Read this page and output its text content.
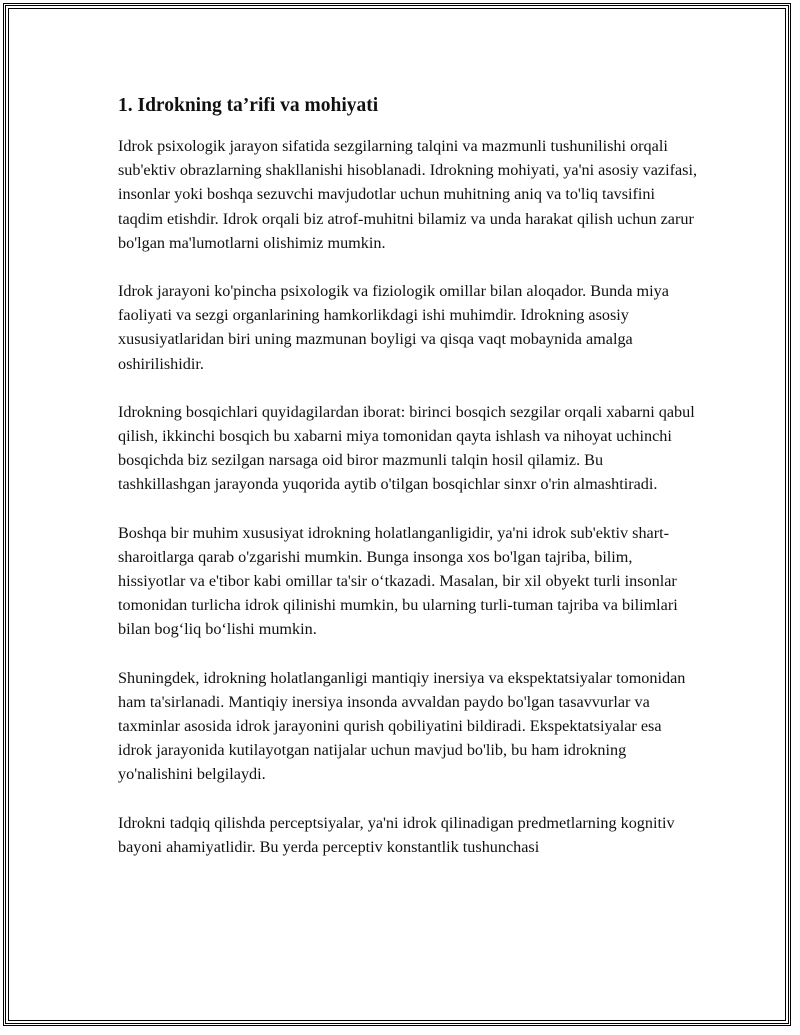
1. Idrokning ta’rifi va mohiyati

Idrok psixologik jarayon sifatida sezgilarning talqini va mazmunli tushunilishi orqali sub'ektiv obrazlarning shakllanishi hisoblanadi. Idrokning mohiyati, ya'ni asosiy vazifasi, insonlar yoki boshqa sezuvchi mavjudotlar uchun muhitning aniq va to'liq tavsifini taqdim etishdir. Idrok orqali biz atrof-muhitni bilamiz va unda harakat qilish uchun zarur bo'lgan ma'lumotlarni olishimiz mumkin.

Idrok jarayoni ko'pincha psixologik va fiziologik omillar bilan aloqador. Bunda miya faoliyati va sezgi organlarining hamkorlikdagi ishi muhimdir. Idrokning asosiy xususiyatlaridan biri uning mazmunan boyligi va qisqa vaqt mobaynida amalga oshirilishidir.

Idrokning bosqichlari quyidagilardan iborat: birinci bosqich sezgilar orqali xabarni qabul qilish, ikkinchi bosqich bu xabarni miya tomonidan qayta ishlash va nihoyat uchinchi bosqichda biz sezilgan narsaga oid biror mazmunli talqin hosil qilamiz. Bu tashkillashgan jarayonda yuqorida aytib o'tilgan bosqichlar sinxr o'rin almashtiradi.

Boshqa bir muhim xususiyat idrokning holatlanganligidir, ya'ni idrok sub'ektiv shart-sharoitlarga qarab o'zgarishi mumkin. Bunga insonga xos bo'lgan tajriba, bilim, hissiyotlar va e'tibor kabi omillar ta'sir o‘tkazadi. Masalan, bir xil obyekt turli insonlar tomonidan turlicha idrok qilinishi mumkin, bu ularning turli-tuman tajriba va bilimlari bilan bog‘liq bo‘lishi mumkin.

Shuningdek, idrokning holatlanganligi mantiqiy inersiya va ekspektatsiyalar tomonidan ham ta'sirlanadi. Mantiqiy inersiya insonda avvaldan paydo bo'lgan tasavvurlar va taxminlar asosida idrok jarayonini qurish qobiliyatini bildiradi. Ekspektatsiyalar esa idrok jarayonida kutilayotgan natijalar uchun mavjud bo'lib, bu ham idrokning yo'nalishini belgilaydi.

Idrokni tadqiq qilishda perceptsiyalar, ya'ni idrok qilinadigan predmetlarning kognitiv bayoni ahamiyatlidir. Bu yerda perceptiv konstantlik tushunchasi
